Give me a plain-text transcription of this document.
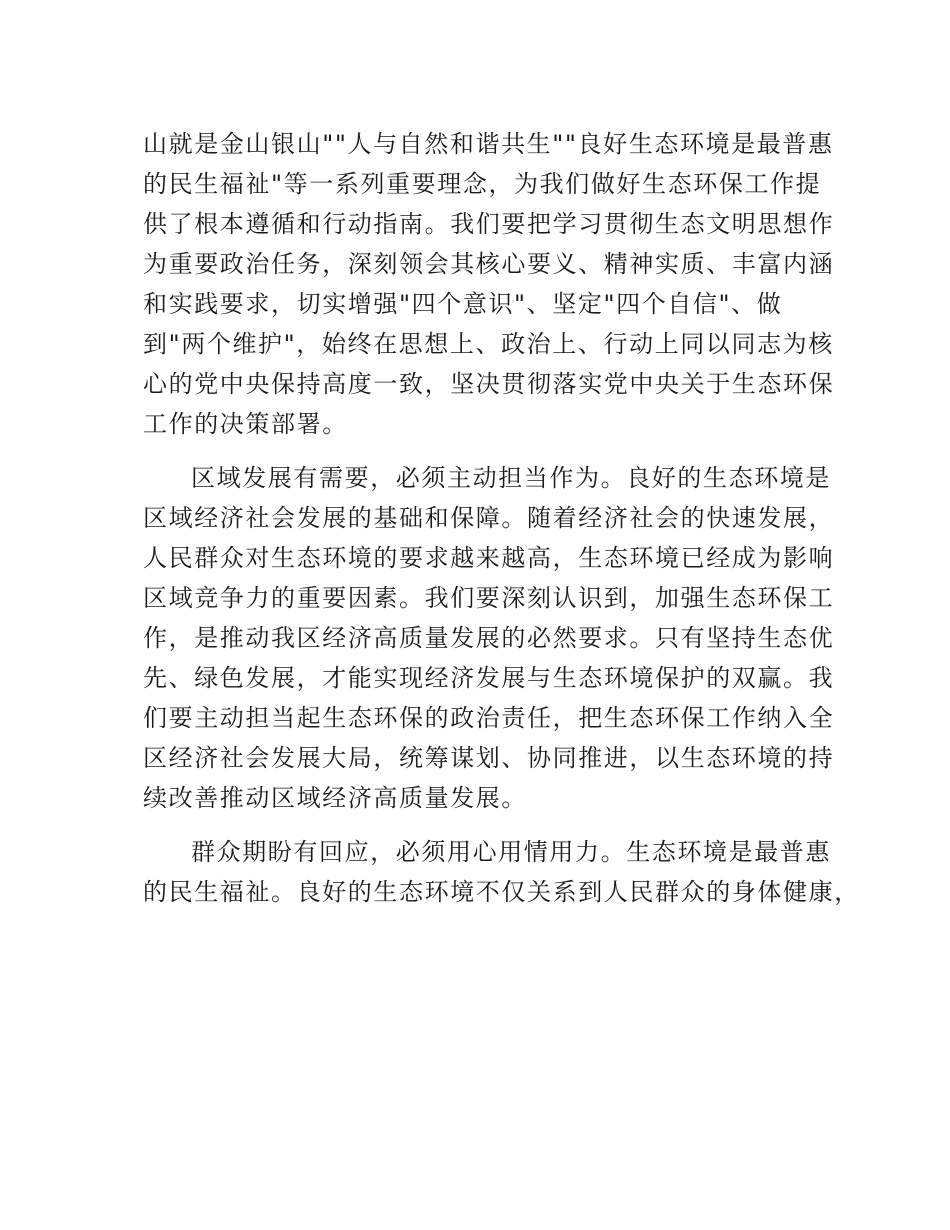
山就是金山银山""人与自然和谐共生""良好生态环境是最普惠
的民生福祉"等一系列重要理念，为我们做好生态环保工作提
供了根本遵循和行动指南。我们要把学习贯彻生态文明思想作
为重要政治任务，深刻领会其核心要义、精神实质、丰富内涵
和实践要求，切实增强"四个意识"、坚定"四个自信"、做
到"两个维护"，始终在思想上、政治上、行动上同以同志为核
心的党中央保持高度一致，坚决贯彻落实党中央关于生态环保
工作的决策部署。

区域发展有需要，必须主动担当作为。良好的生态环境是
区域经济社会发展的基础和保障。随着经济社会的快速发展，
人民群众对生态环境的要求越来越高，生态环境已经成为影响
区域竞争力的重要因素。我们要深刻认识到，加强生态环保工
作，是推动我区经济高质量发展的必然要求。只有坚持生态优
先、绿色发展，才能实现经济发展与生态环境保护的双赢。我
们要主动担当起生态环保的政治责任，把生态环保工作纳入全
区经济社会发展大局，统筹谋划、协同推进，以生态环境的持
续改善推动区域经济高质量发展。

群众期盼有回应，必须用心用情用力。生态环境是最普惠
的民生福祉。良好的生态环境不仅关系到人民群众的身体健康，
